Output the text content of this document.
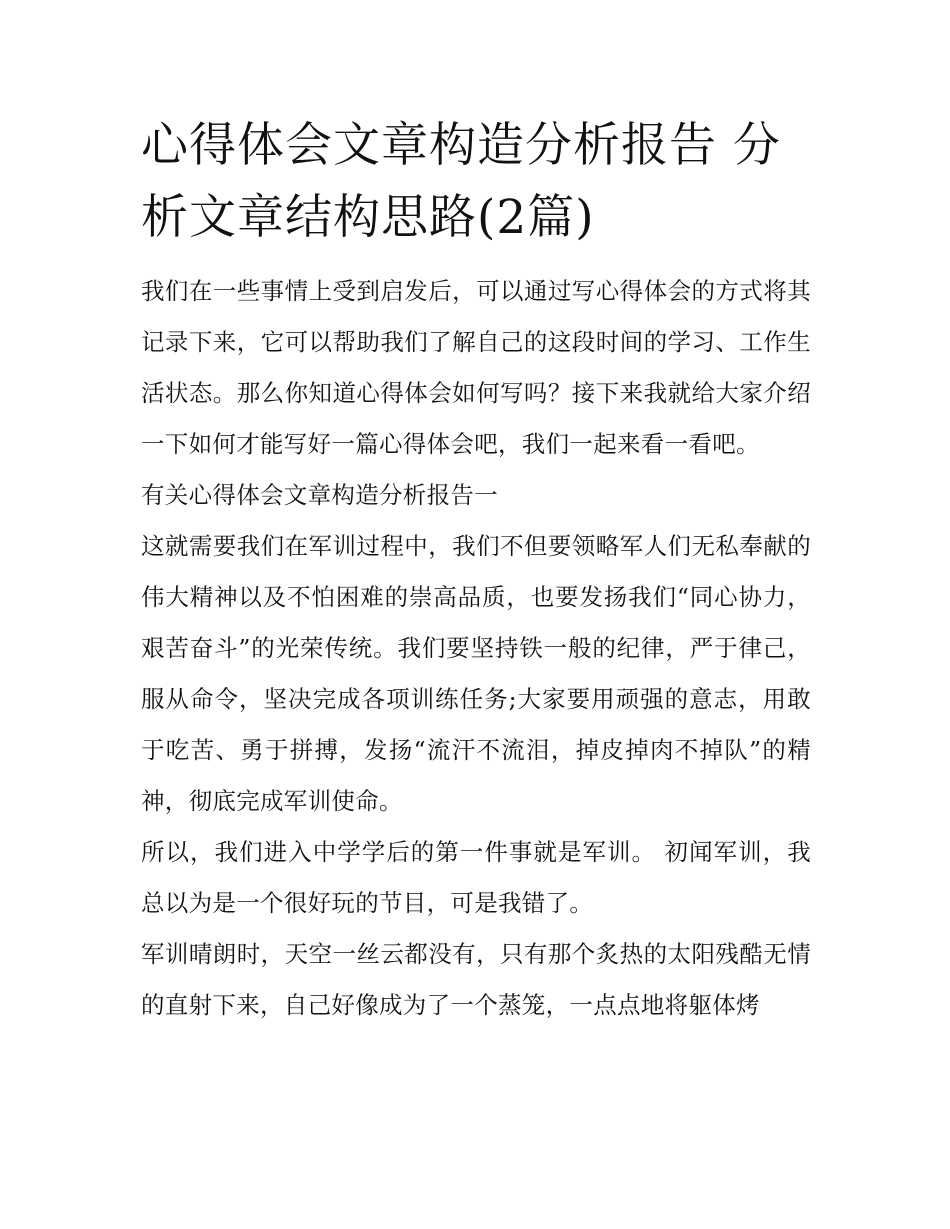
心得体会文章构造分析报告 分析文章结构思路(2篇)

我们在一些事情上受到启发后，可以通过写心得体会的方式将其记录下来，它可以帮助我们了解自己的这段时间的学习、工作生活状态。那么你知道心得体会如何写吗？接下来我就给大家介绍一下如何才能写好一篇心得体会吧，我们一起来看一看吧。

有关心得体会文章构造分析报告一

这就需要我们在军训过程中，我们不但要领略军人们无私奉献的伟大精神以及不怕困难的崇高品质，也要发扬我们“同心协力，艰苦奋斗”的光荣传统。我们要坚持铁一般的纪律，严于律己，服从命令，坚决完成各项训练任务;大家要用顽强的意志，用敢于吃苦、勇于拼搏，发扬“流汗不流泪，掉皮掉肉不掉队”的精神，彻底完成军训使命。

所以，我们进入中学学后的第一件事就是军训。 初闻军训，我总以为是一个很好玩的节目，可是我错了。

军训晴朗时，天空一丝云都没有，只有那个炙热的太阳残酷无情的直射下来，自己好像成为了一个蒸笼，一点点地将躯体烤
